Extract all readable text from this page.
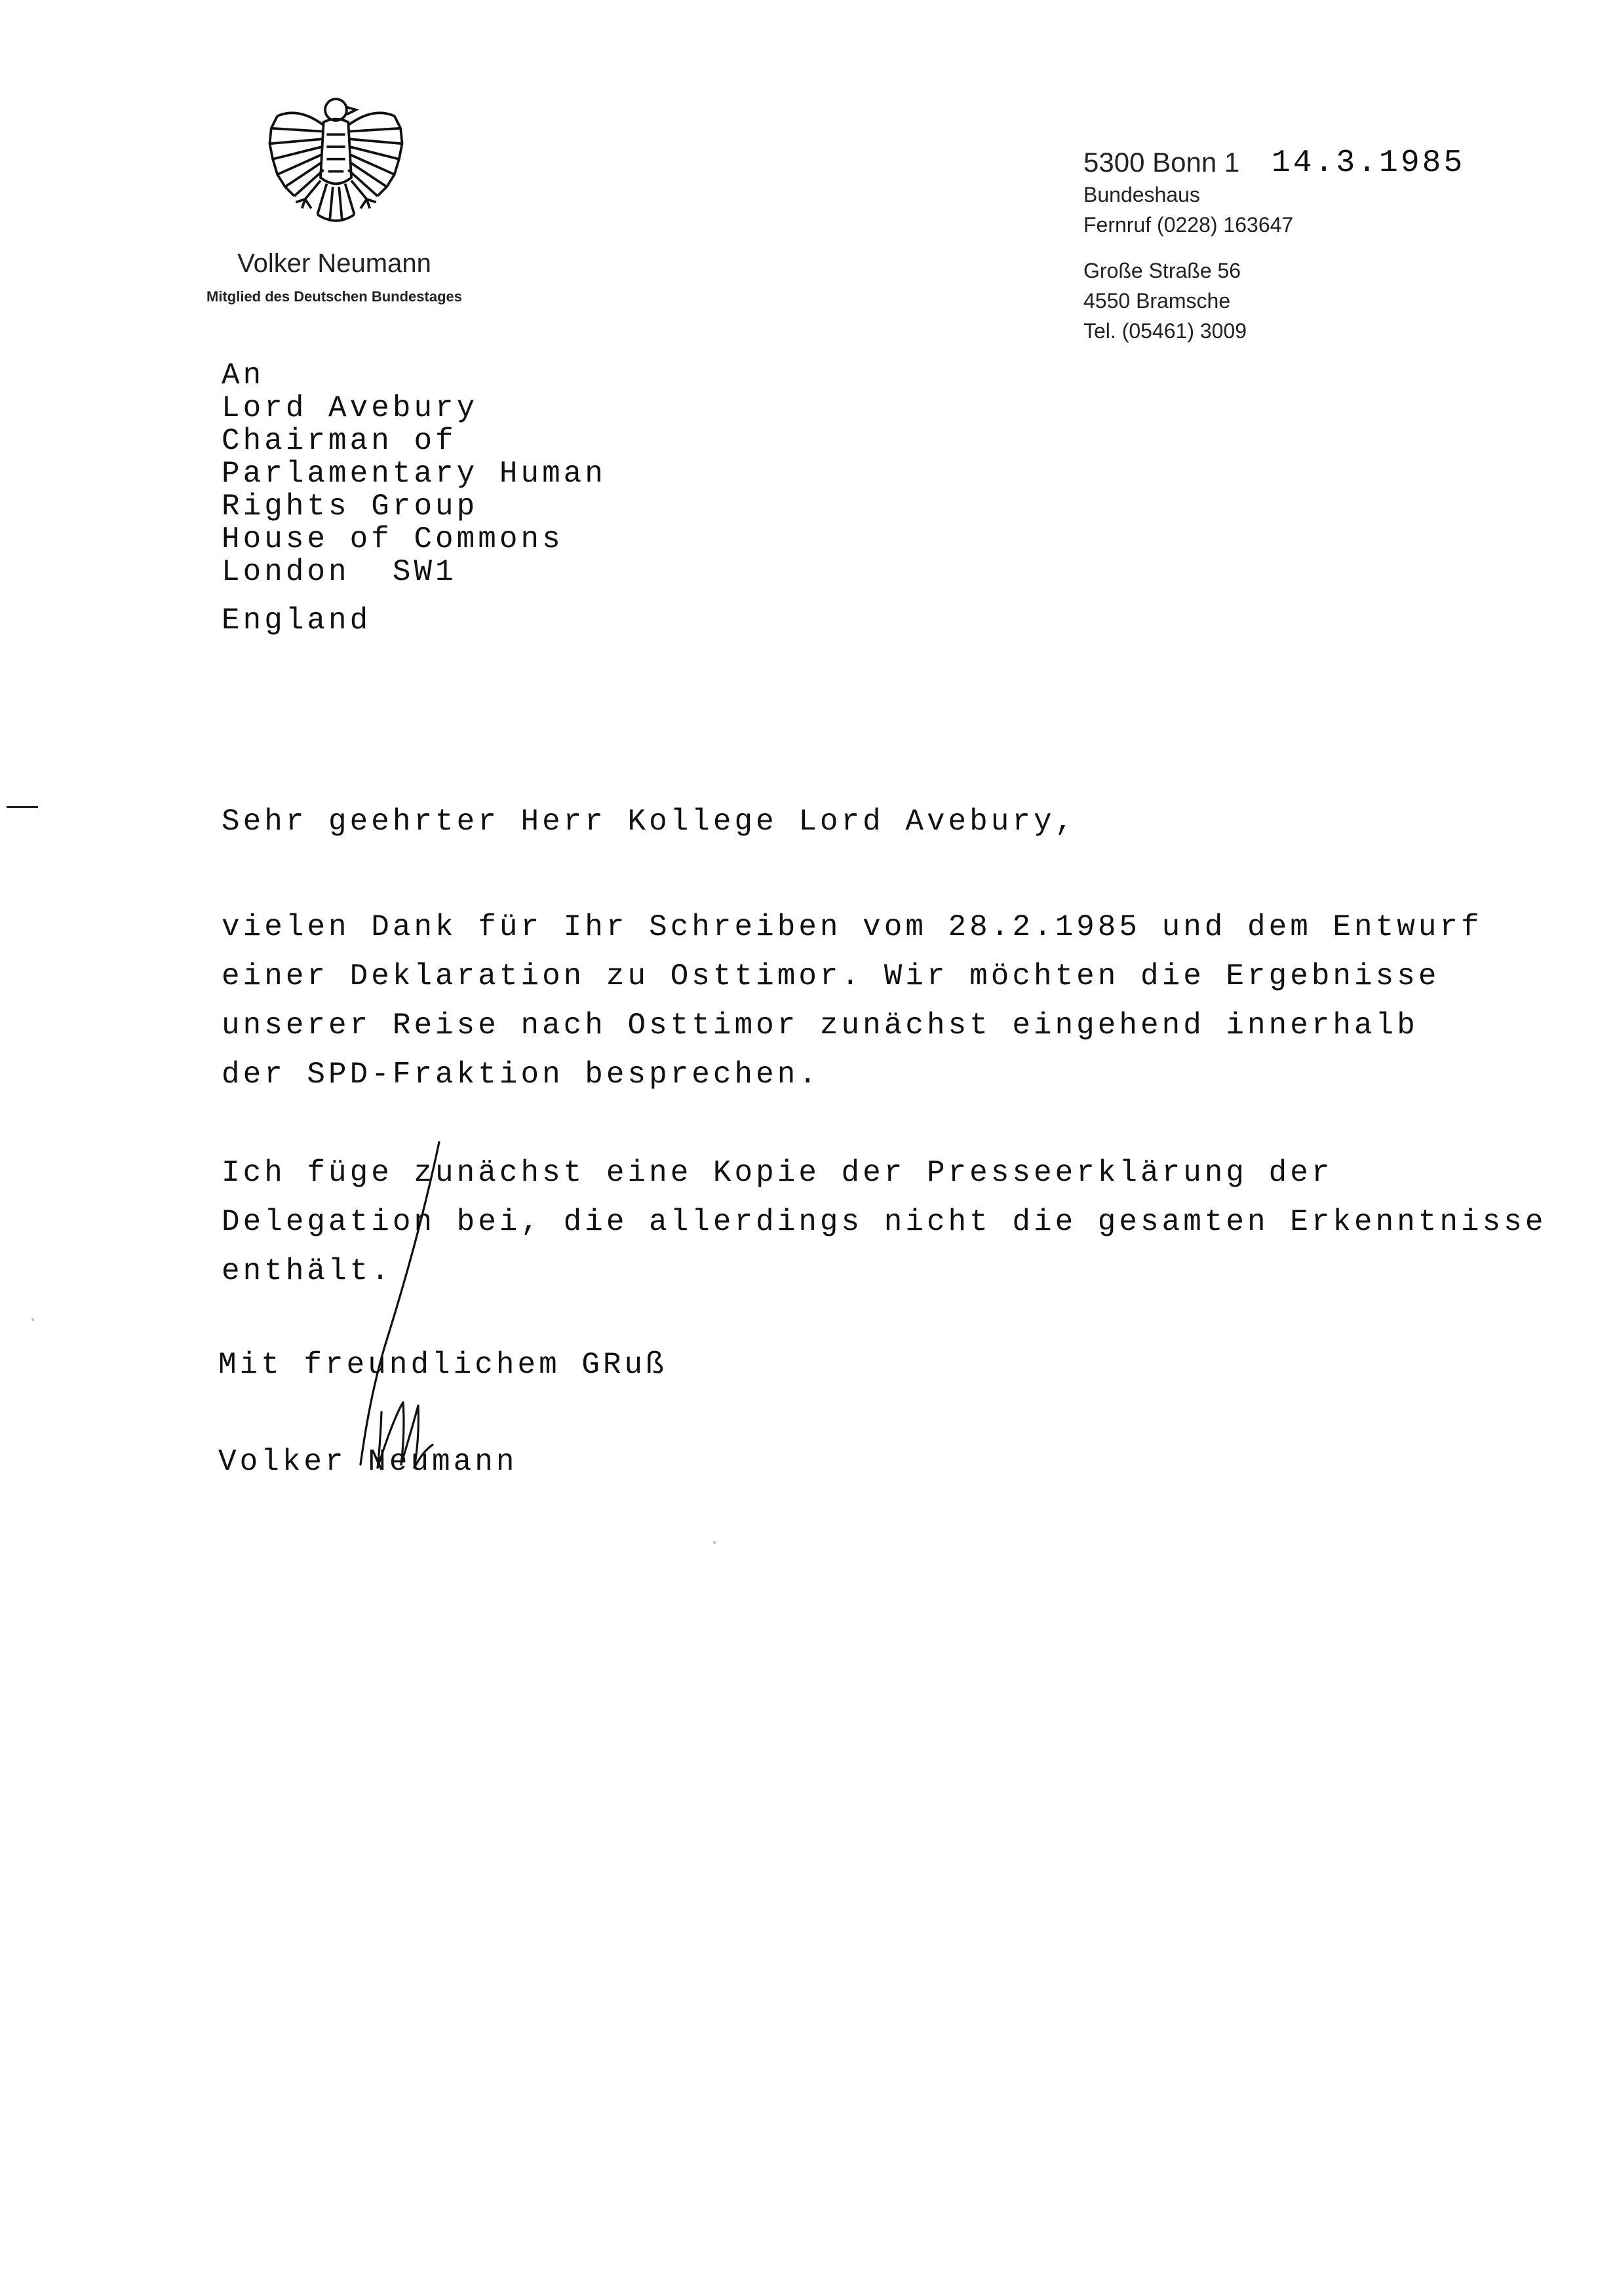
Volker Neumann
Mitglied des Deutschen Bundestages
5300 Bonn 1
Bundeshaus
Fernruf (0228) 163647
Große Straße 56
4550 Bramsche
Tel. (05461) 3009
14.3.1985
An
Lord Avebury
Chairman of
Parlamentary Human
Rights Group
House of Commons
London  SW1
England
Sehr geehrter Herr Kollege Lord Avebury,
vielen Dank für Ihr Schreiben vom 28.2.1985 und dem Entwurf
einer Deklaration zu Osttimor. Wir möchten die Ergebnisse
unserer Reise nach Osttimor zunächst eingehend innerhalb
der SPD-Fraktion besprechen.
Ich füge zunächst eine Kopie der Presseerklärung der
Delegation bei, die allerdings nicht die gesamten Erkenntnisse
enthält.
Mit freundlichem GRuß
Volker Neumann
